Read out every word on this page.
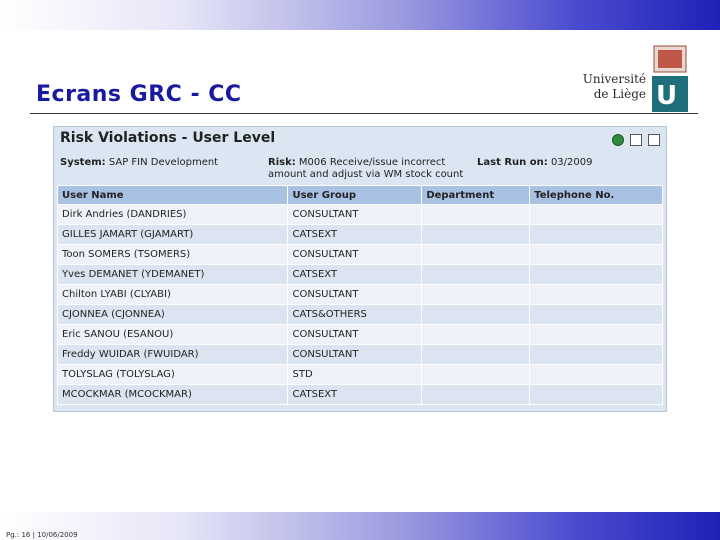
Ecrans GRC - CC
Université
de Liège U
Risk Violations - User Level
System: SAP FIN Development	Risk: M006 Receive/issue incorrect amount and adjust via WM stock count
Last Run on: 03/2009
User Name	User Group	Department	Telephone No.
Dirk Andries (DANDRIES)	CONSULTANT		
GILLES JAMART (GJAMART)	CATSEXT		
Toon SOMERS (TSOMERS)	CONSULTANT		
Yves DEMANET (YDEMANET)	CATSEXT		
Chilton LYABI (CLYABI)	CONSULTANT		
CJONNEA (CJONNEA)	CATS&OTHERS		
Eric SANOU (ESANOU)	CONSULTANT		
Freddy WUIDAR (FWUIDAR)	CONSULTANT		
TOLYSLAG (TOLYSLAG)	STD		
MCOCKMAR (MCOCKMAR)	CATSEXT		
Pg.: 16 | 10/06/2009
